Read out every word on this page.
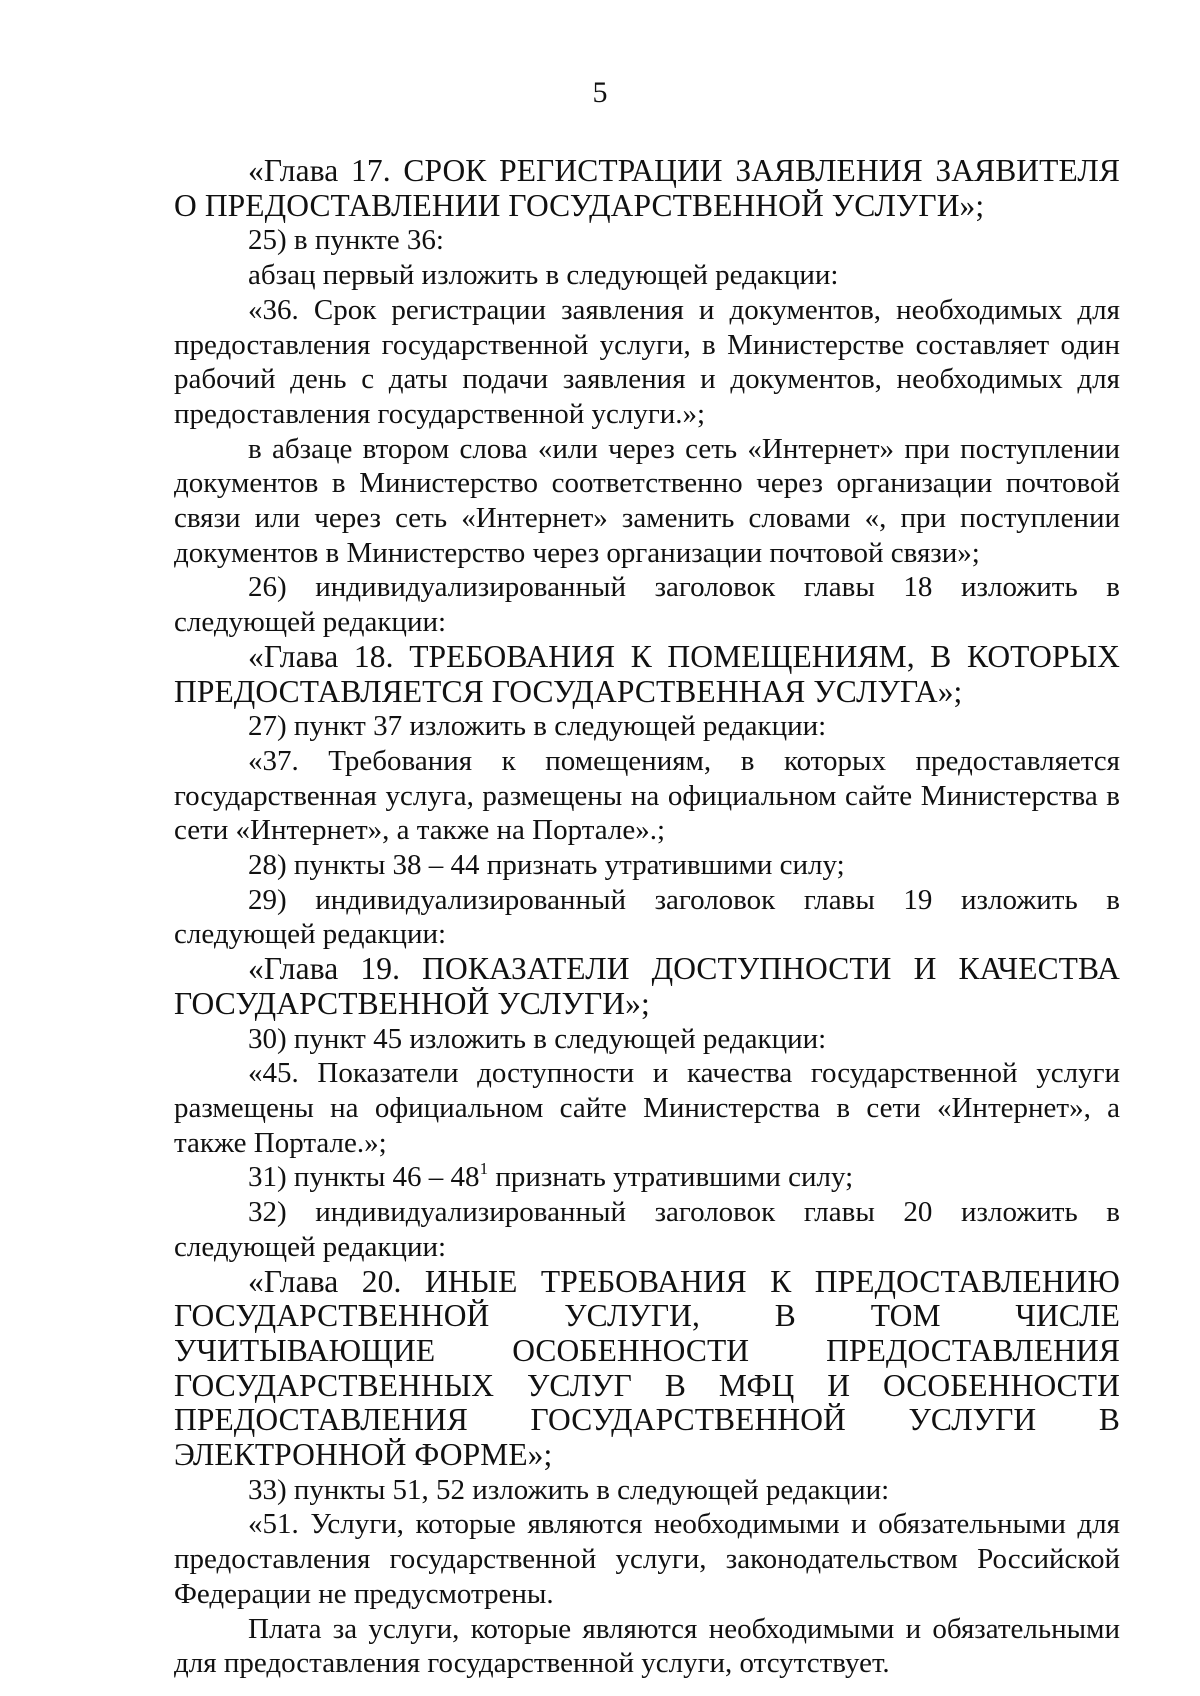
5

«Глава 17. СРОК РЕГИСТРАЦИИ ЗАЯВЛЕНИЯ ЗАЯВИТЕЛЯ О ПРЕДОСТАВЛЕНИИ ГОСУДАРСТВЕННОЙ УСЛУГИ»;

25) в пункте 36:

абзац первый изложить в следующей редакции:

«36. Срок регистрации заявления и документов, необходимых для предоставления государственной услуги, в Министерстве составляет один рабочий день с даты подачи заявления и документов, необходимых для предоставления государственной услуги.»;

в абзаце втором слова «или через сеть «Интернет» при поступлении документов в Министерство соответственно через организации почтовой связи или через сеть «Интернет» заменить словами «, при поступлении документов в Министерство через организации почтовой связи»;

26) индивидуализированный заголовок главы 18 изложить в следующей редакции:

«Глава 18. ТРЕБОВАНИЯ К ПОМЕЩЕНИЯМ, В КОТОРЫХ ПРЕДОСТАВЛЯЕТСЯ ГОСУДАРСТВЕННАЯ УСЛУГА»;

27) пункт 37 изложить в следующей редакции:

«37. Требования к помещениям, в которых предоставляется государственная услуга, размещены на официальном сайте Министерства в сети «Интернет», а также на Портале».;

28) пункты 38 – 44 признать утратившими силу;

29) индивидуализированный заголовок главы 19 изложить в следующей редакции:

«Глава 19. ПОКАЗАТЕЛИ ДОСТУПНОСТИ И КАЧЕСТВА ГОСУДАРСТВЕННОЙ УСЛУГИ»;

30) пункт 45 изложить в следующей редакции:

«45. Показатели доступности и качества государственной услуги размещены на официальном сайте Министерства в сети «Интернет», а также Портале.»;

31) пункты $46 - 48^1$ признать утратившими силу;

32) индивидуализированный заголовок главы 20 изложить в следующей редакции:

«Глава 20. ИНЫЕ ТРЕБОВАНИЯ К ПРЕДОСТАВЛЕНИЮ ГОСУДАРСТВЕННОЙ УСЛУГИ, В ТОМ ЧИСЛЕ УЧИТЫВАЮЩИЕ ОСОБЕННОСТИ ПРЕДОСТАВЛЕНИЯ ГОСУДАРСТВЕННЫХ УСЛУГ В МФЦ И ОСОБЕННОСТИ ПРЕДОСТАВЛЕНИЯ ГОСУДАРСТВЕННОЙ УСЛУГИ В ЭЛЕКТРОННОЙ ФОРМЕ»;

33) пункты 51, 52 изложить в следующей редакции:

«51. Услуги, которые являются необходимыми и обязательными для предоставления государственной услуги, законодательством Российской Федерации не предусмотрены.

Плата за услуги, которые являются необходимыми и обязательными для предоставления государственной услуги, отсутствует.
